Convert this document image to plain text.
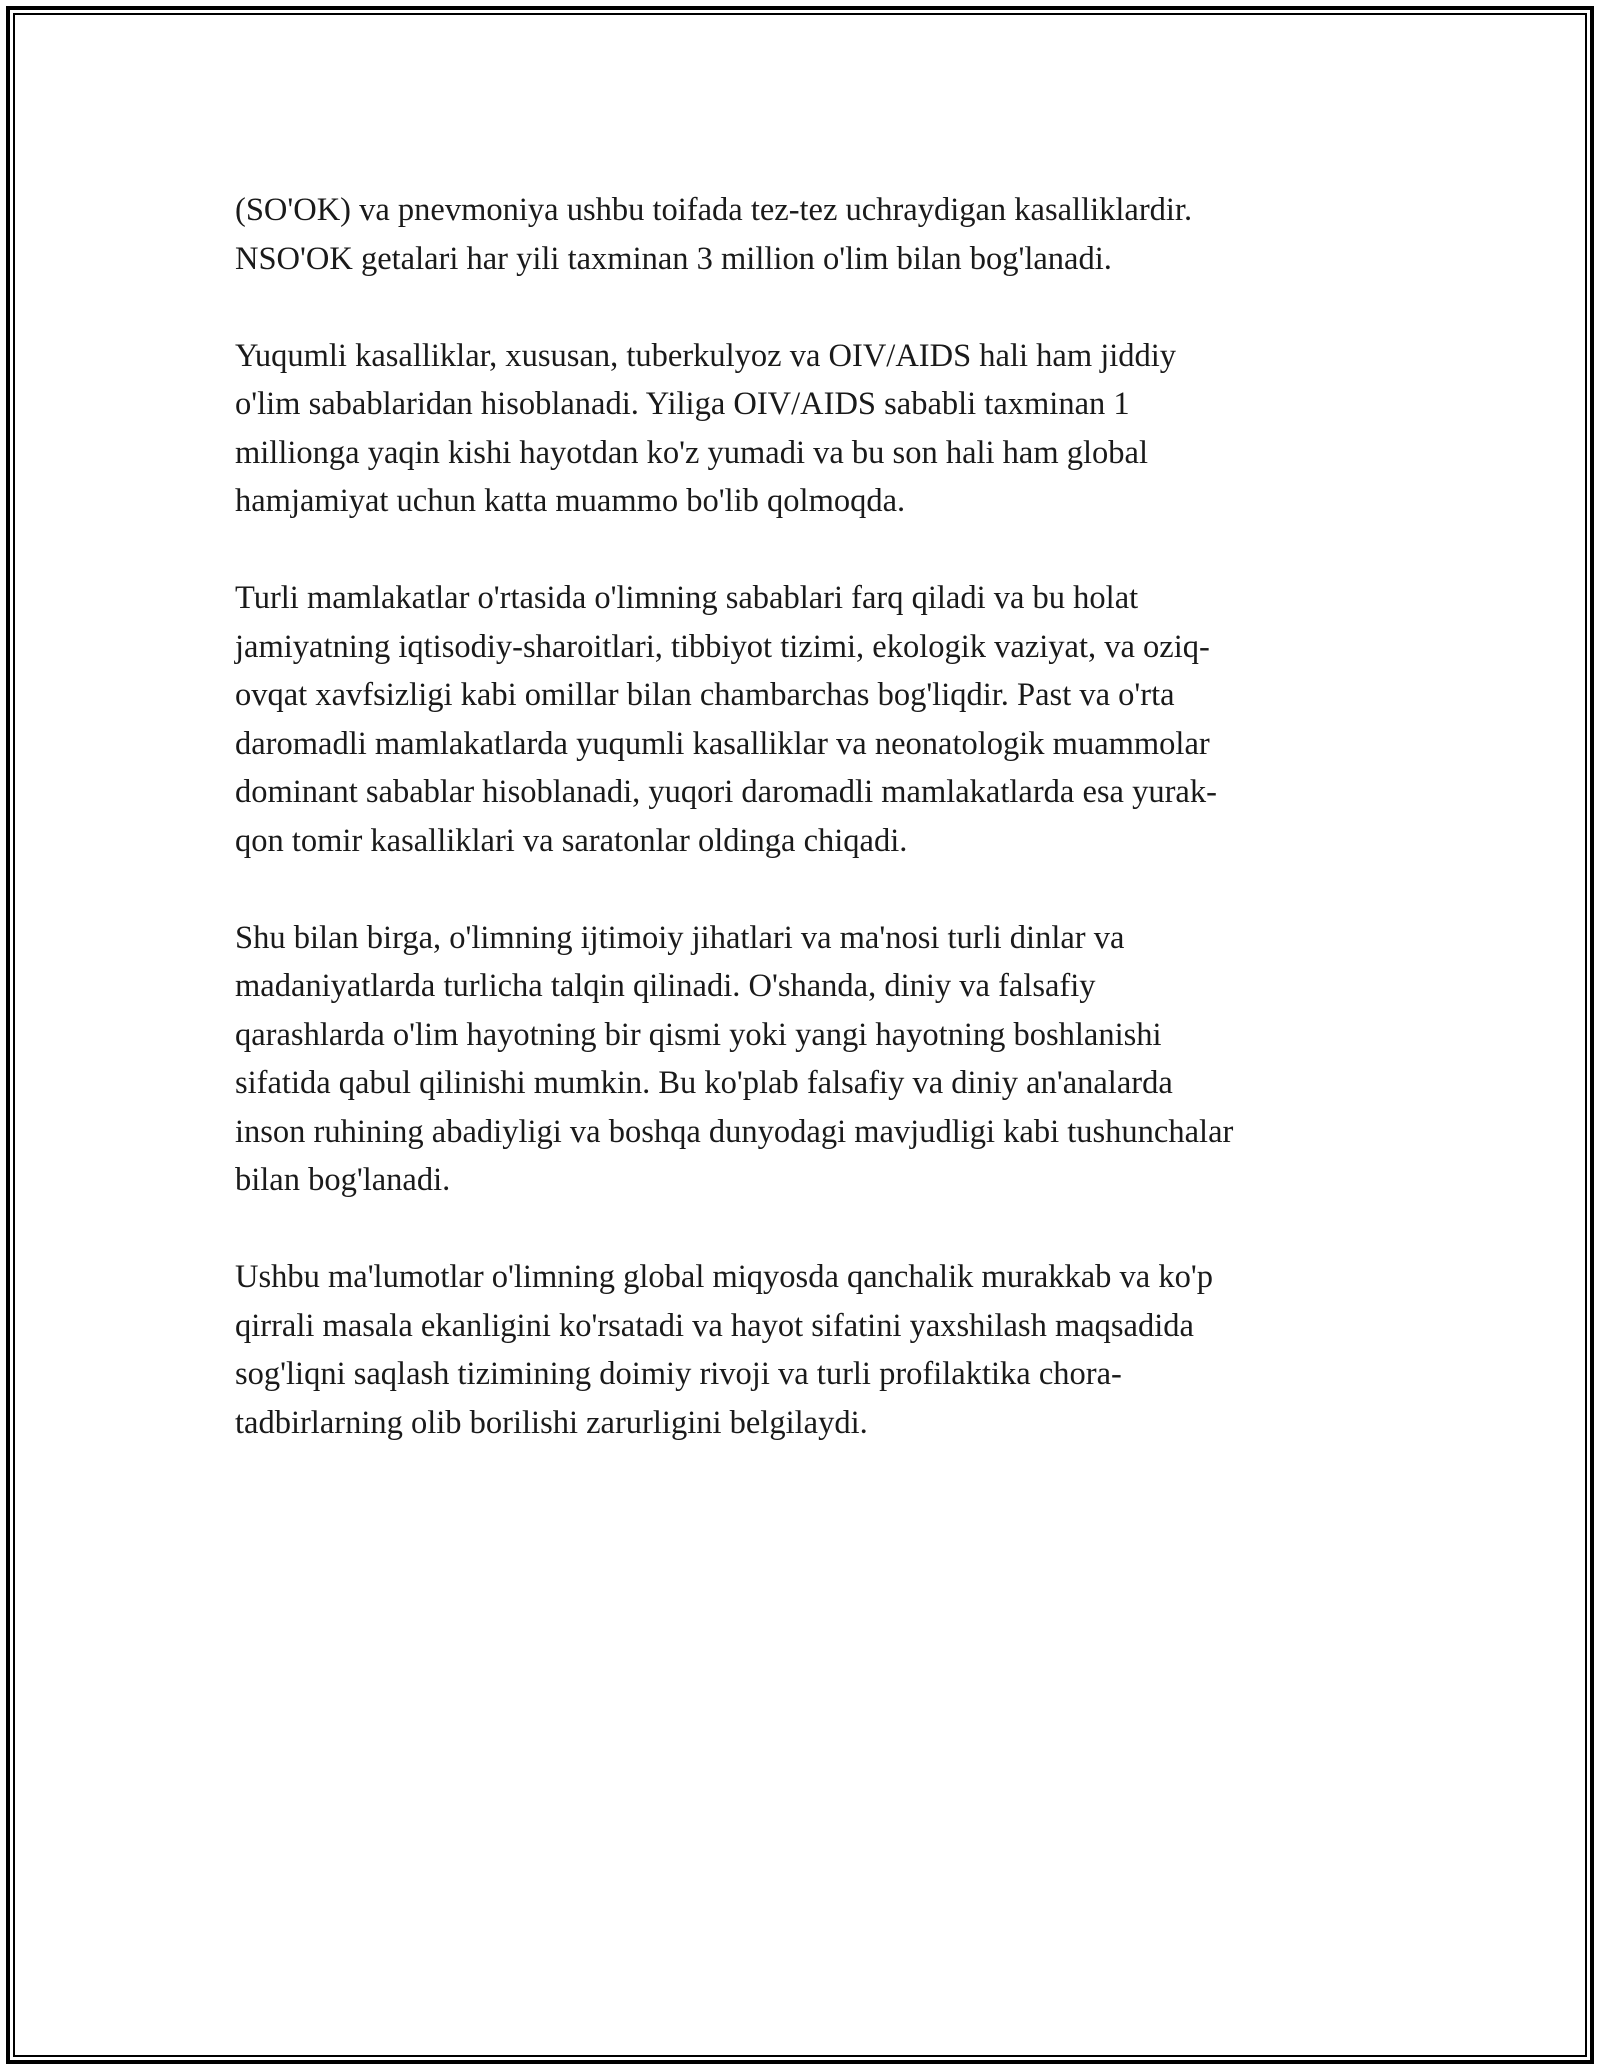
(SO'OK) va pnevmoniya ushbu toifada tez-tez uchraydigan kasalliklardir.
NSO'OK getalari har yili taxminan 3 million o'lim bilan bog'lanadi.

Yuqumli kasalliklar, xususan, tuberkulyoz va OIV/AIDS hali ham jiddiy
o'lim sabablaridan hisoblanadi. Yiliga OIV/AIDS sababli taxminan 1
millionga yaqin kishi hayotdan ko'z yumadi va bu son hali ham global
hamjamiyat uchun katta muammo bo'lib qolmoqda.

Turli mamlakatlar o'rtasida o'limning sabablari farq qiladi va bu holat
jamiyatning iqtisodiy-sharoitlari, tibbiyot tizimi, ekologik vaziyat, va oziq-
ovqat xavfsizligi kabi omillar bilan chambarchas bog'liqdir. Past va o'rta
daromadli mamlakatlarda yuqumli kasalliklar va neonatologik muammolar
dominant sabablar hisoblanadi, yuqori daromadli mamlakatlarda esa yurak-
qon tomir kasalliklari va saratonlar oldinga chiqadi.

Shu bilan birga, o'limning ijtimoiy jihatlari va ma'nosi turli dinlar va
madaniyatlarda turlicha talqin qilinadi. O'shanda, diniy va falsafiy
qarashlarda o'lim hayotning bir qismi yoki yangi hayotning boshlanishi
sifatida qabul qilinishi mumkin. Bu ko'plab falsafiy va diniy an'analarda
inson ruhining abadiyligi va boshqa dunyodagi mavjudligi kabi tushunchalar
bilan bog'lanadi.

Ushbu ma'lumotlar o'limning global miqyosda qanchalik murakkab va ko'p
qirrali masala ekanligini ko'rsatadi va hayot sifatini yaxshilash maqsadida
sog'liqni saqlash tizimining doimiy rivoji va turli profilaktika chora-
tadbirlarning olib borilishi zarurligini belgilaydi.
